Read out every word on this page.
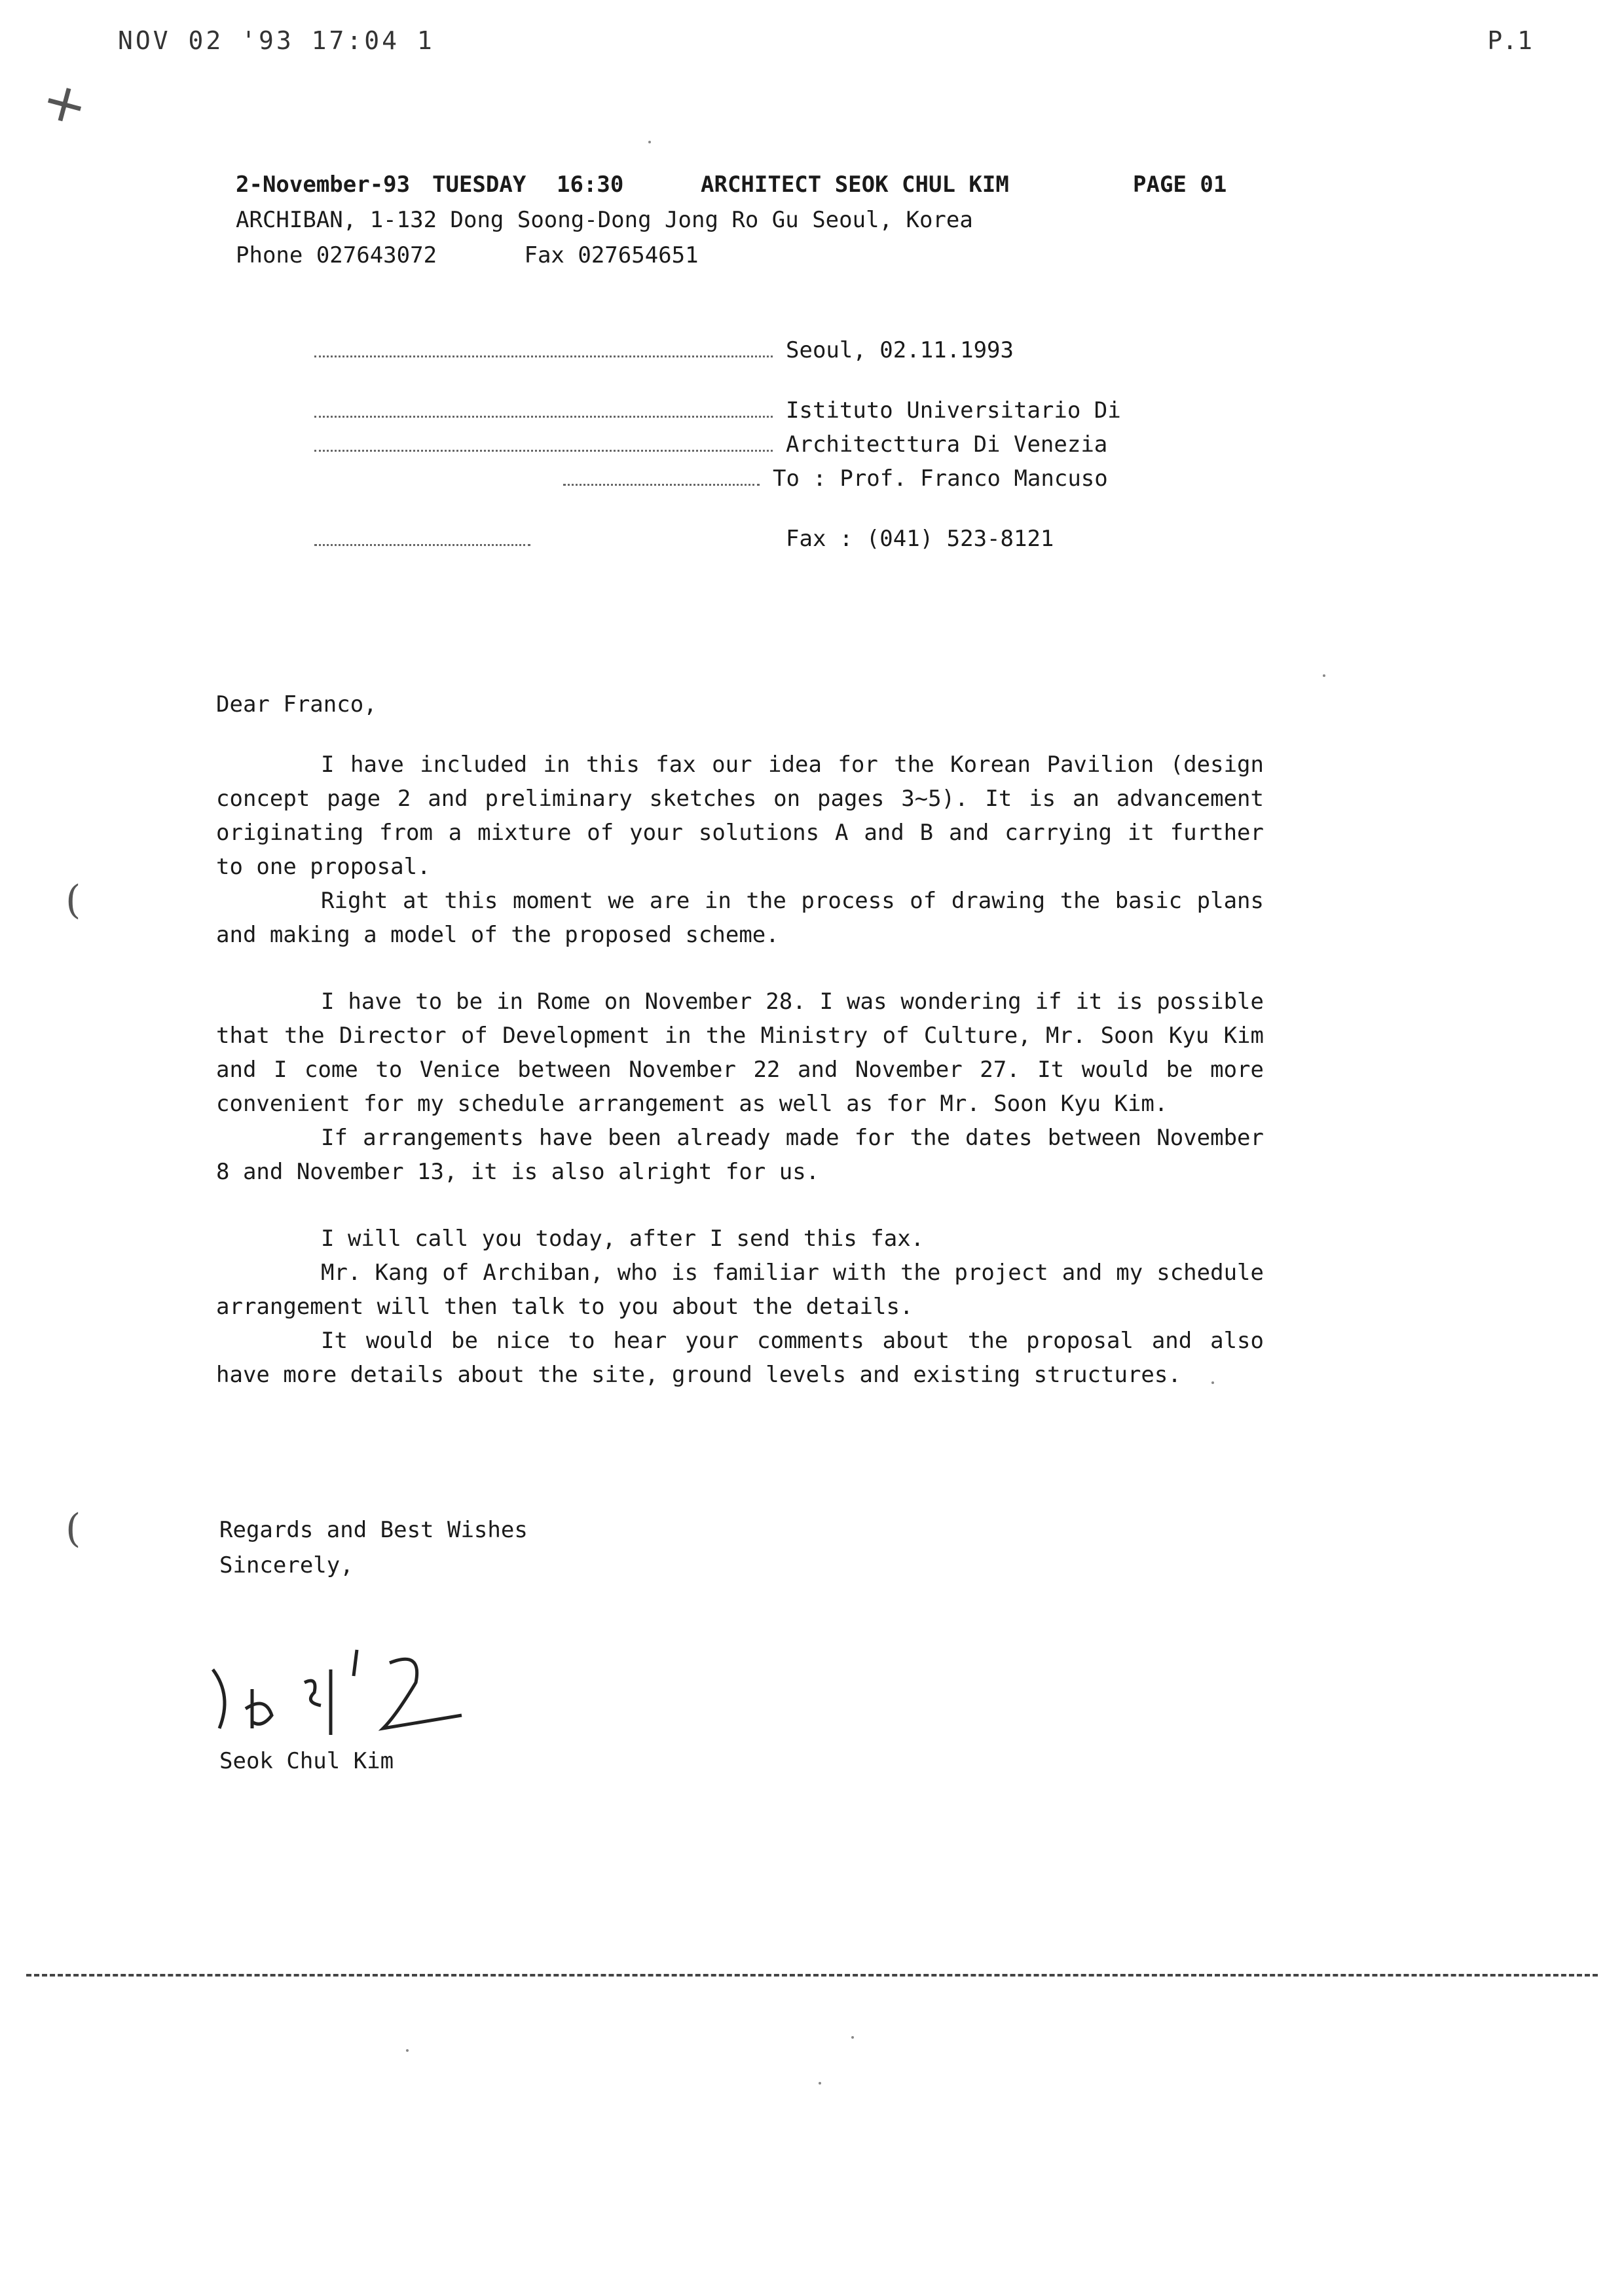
NOV 02 '93 17:04 1	P.1
✕
2-November-93 TUESDAY	16:30	ARCHITECT SEOK CHUL KIM	PAGE 01
ARCHIBAN, 1-132 Dong Soong-Dong Jong Ro Gu Seoul, Korea
Phone 027643072	Fax 027654651
Seoul, 02.11.1993
Istituto Universitario Di
Architecttura Di Venezia
To : Prof. Franco Mancuso
Fax : (041) 523-8121

Dear Franco,

I have included in this fax our idea for the Korean Pavilion (design concept page 2 and preliminary sketches on pages 3~5). It is an advancement originating from a mixture of your solutions A and B and carrying it further to one proposal.

Right at this moment we are in the process of drawing the basic plans and making a model of the proposed scheme.

I have to be in Rome on November 28. I was wondering if it is possible that the Director of Development in the Ministry of Culture, Mr. Soon Kyu Kim and I come to Venice between November 22 and November 27. It would be more convenient for my schedule arrangement as well as for Mr. Soon Kyu Kim.

If arrangements have been already made for the dates between November 8 and November 13, it is also alright for us.

I will call you today, after I send this fax.

Mr. Kang of Archiban, who is familiar with the project and my schedule arrangement will then talk to you about the details.

It would be nice to hear your comments about the proposal and also have more details about the site, ground levels and existing structures.

Regards and Best Wishes
Sincerely,
Seok Chul Kim
(
(
